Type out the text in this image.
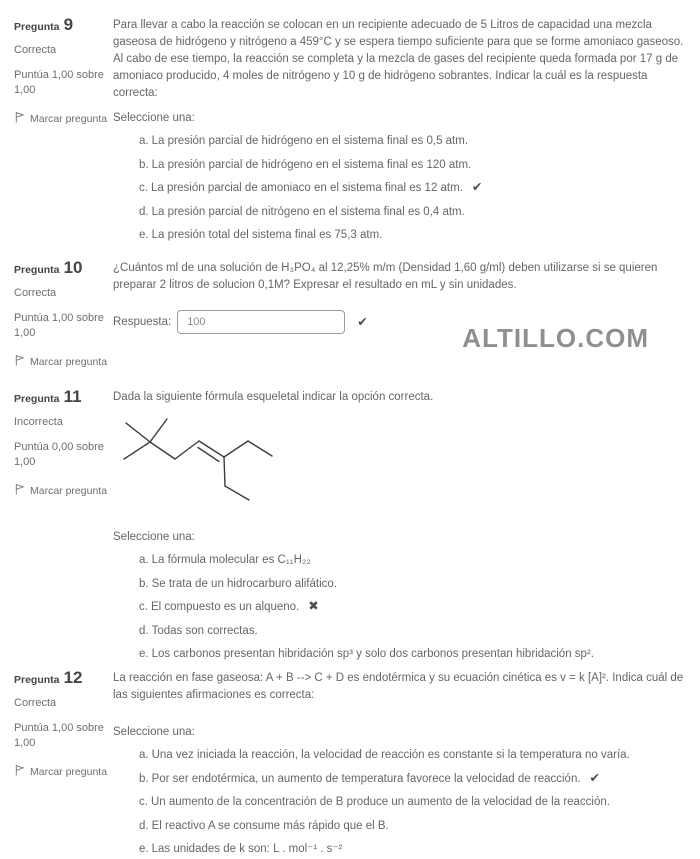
Pregunta 9
Correcta
Puntúa 1,00 sobre 1,00
Marcar pregunta
Para llevar a cabo la reacción se colocan en un recipiente adecuado de 5 Litros de capacidad una mezcla gaseosa de hidrógeno y nitrógeno a 459°C y se espera tiempo suficiente para que se forme amoniaco gaseoso. Al cabo de ese tiempo, la reacción se completa y la mezcla de gases del recipiente queda formada por 17 g de amoniaco producido, 4 moles de nitrógeno y 10 g de hidrógeno sobrantes. Indicar la cuál es la respuesta correcta:
Seleccione una:
a. La presión parcial de hidrógeno en el sistema final es 0,5 atm.
b. La presión parcial de hidrógeno en el sistema final es 120 atm.
c. La presión parcial de amoniaco en el sistema final es 12 atm. ✔
d. La presión parcial de nitrógeno en el sistema final es 0,4 atm.
e. La presión total del sistema final es 75,3 atm.
Pregunta 10
Correcta
Puntúa 1,00 sobre 1,00
Marcar pregunta
¿Cuántos ml de una solución de H₃PO₄ al 12,25% m/m (Densidad 1,60 g/ml) deben utilizarse si se quieren preparar 2 litros de solucion 0,1M? Expresar el resultado en mL y sin unidades.
Respuesta:
100	✔
ALTILLO.COM
Pregunta 11
Incorrecta
Puntúa 0,00 sobre 1,00
Marcar pregunta
Dada la siguiente fórmula esqueletal indicar la opción correcta.
Seleccione una:
a. La fórmula molecular es C₁₁H₂₂
b. Se trata de un hidrocarburo alifático.
c. El compuesto es un alqueno. ✖
d. Todas son correctas.
e. Los carbonos presentan hibridación sp³ y solo dos carbonos presentan hibridación sp².
Pregunta 12
Correcta
Puntúa 1,00 sobre 1,00
Marcar pregunta
La reacción en fase gaseosa: A + B --> C + D es endotérmica y su ecuación cinética es v = k [A]². Indica cuál de las siguientes afirmaciones es correcta:
Seleccione una:
a. Una vez iniciada la reacción, la velocidad de reacción es constante si la temperatura no varía.
b. Por ser endotérmica, un aumento de temperatura favorece la velocidad de reacción. ✔
c. Un aumento de la concentración de B produce un aumento de la velocidad de la reacción.
d. El reactivo A se consume más rápido que el B.
e. Las unidades de k son: L . mol⁻¹ . s⁻²
